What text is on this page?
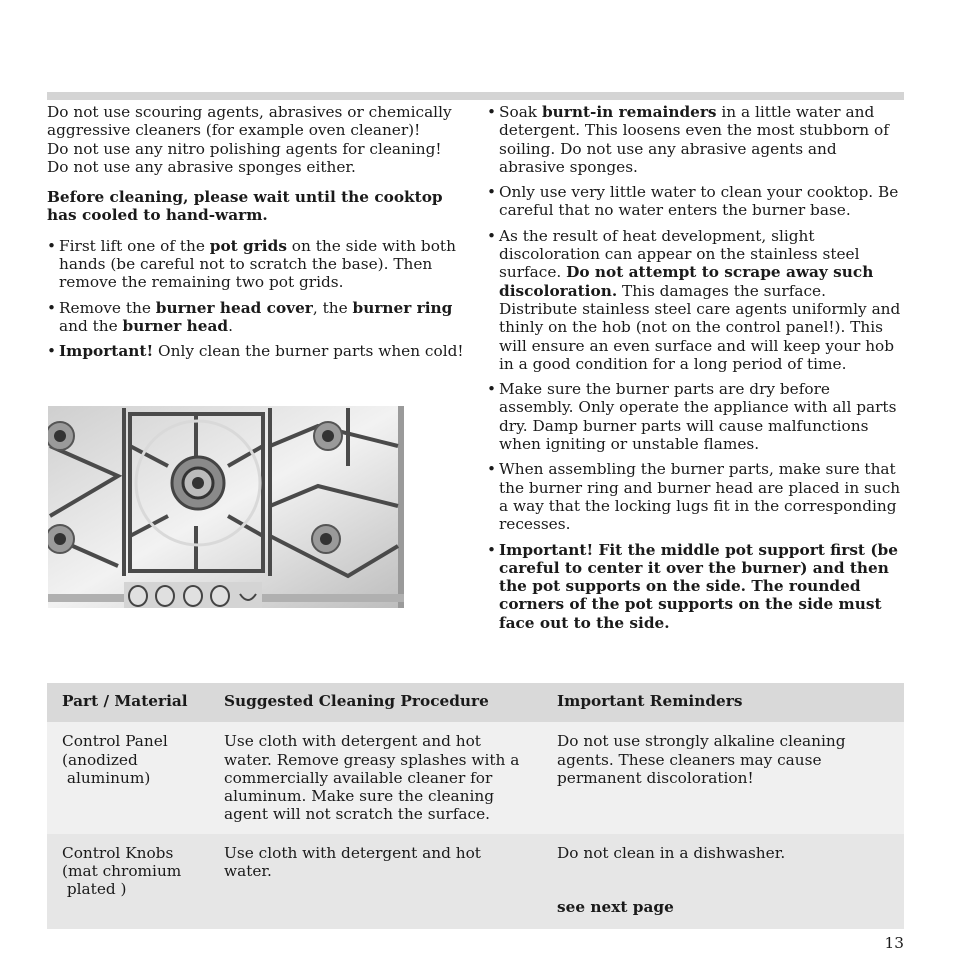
Do not use scouring agents, abrasives or chemically
aggressive cleaners (for example oven cleaner)!
Do not use any nitro polishing agents for cleaning!
Do not use any abrasive sponges either.

Before cleaning, please wait until the cooktop
has cooled to hand-warm.

• First lift one of the pot grids on the side with both hands (be careful not to scratch the base). Then remove the remaining two pot grids.
• Remove the burner head cover, the burner ring and the burner head.
• Important! Only clean the burner parts when cold!
• Soak burnt-in remainders in a little water and detergent. This loosens even the most stubborn of soiling. Do not use any abrasive agents and abrasive sponges.
• Only use very little water to clean your cooktop. Be careful that no water enters the burner base.
• As the result of heat development, slight discoloration can appear on the stainless steel surface. Do not attempt to scrape away such discoloration. This damages the surface. Distribute stainless steel care agents uniformly and thinly on the hob (not on the control panel!). This will ensure an even surface and will keep your hob in a good condition for a long period of time.
• Make sure the burner parts are dry before assembly. Only operate the appliance with all parts dry. Damp burner parts will cause malfunctions when igniting or unstable flames.
• When assembling the burner parts, make sure that the burner ring and burner head are placed in such a way that the locking lugs fit in the corresponding recesses.
• Important! Fit the middle pot support first (be careful to center it over the burner) and then the pot supports on the side. The rounded corners of the pot supports on the side must face out to the side.
Part / Material	Suggested Cleaning Procedure	Important Reminders
Control Panel
(anodized
aluminum)	Use cloth with detergent and hot water. Remove greasy splashes with a commercially available cleaner for aluminum. Make sure the cleaning agent will not scratch the surface.	Do not use strongly alkaline cleaning agents. These cleaners may cause permanent discoloration!
Control Knobs
(mat chromium
plated )	Use cloth with detergent and hot water.	Do not clean in a dishwasher.
see next page
13
